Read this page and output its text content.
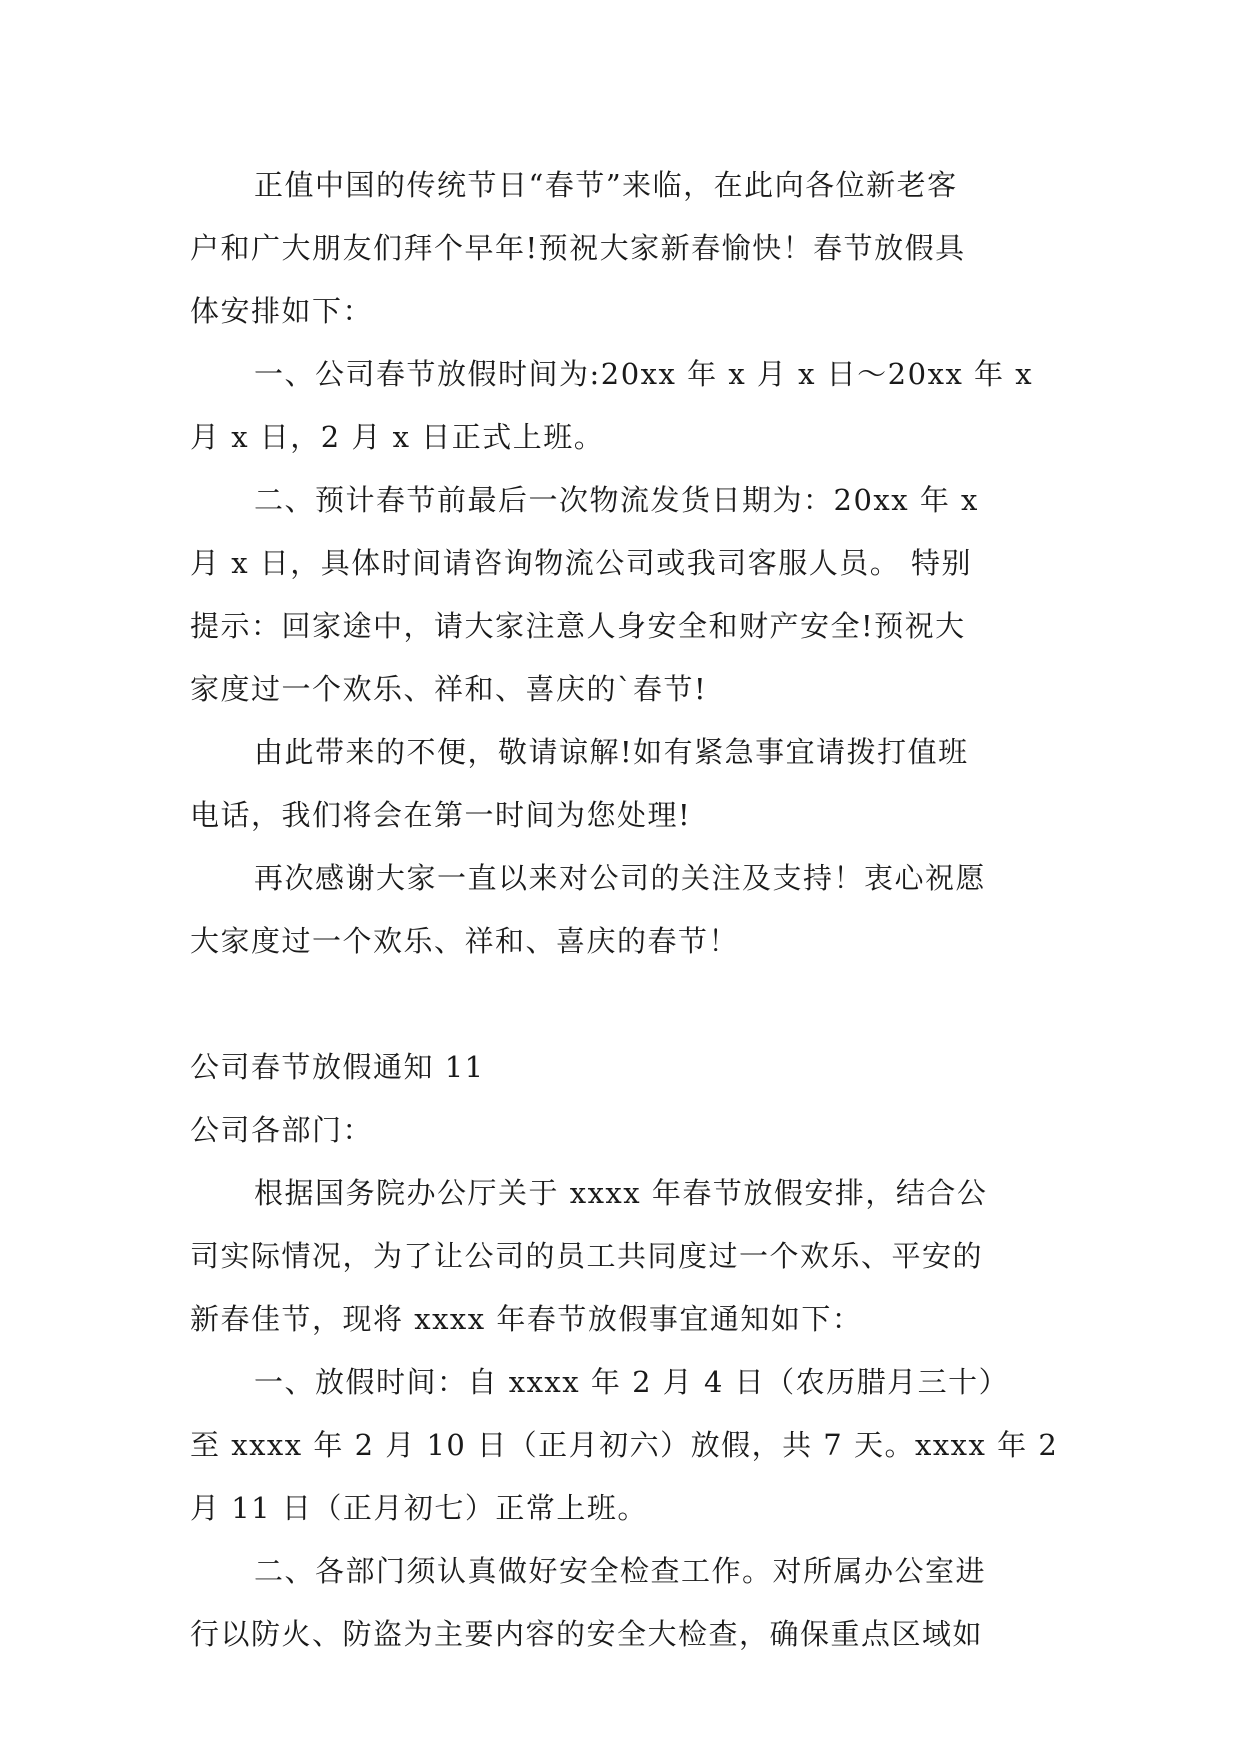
正值中国的传统节日“春节”来临，在此向各位新老客

户和广大朋友们拜个早年!预祝大家新春愉快！春节放假具

体安排如下：

一、公司春节放假时间为:20xx 年 x 月 x 日～20xx 年 x

月 x 日，2 月 x 日正式上班。

二、预计春节前最后一次物流发货日期为：20xx 年 x

月 x 日，具体时间请咨询物流公司或我司客服人员。 特别

提示：回家途中，请大家注意人身安全和财产安全!预祝大

家度过一个欢乐、祥和、喜庆的`春节!

由此带来的不便，敬请谅解!如有紧急事宜请拨打值班

电话，我们将会在第一时间为您处理!

再次感谢大家一直以来对公司的关注及支持！衷心祝愿

大家度过一个欢乐、祥和、喜庆的春节！

公司春节放假通知 11

公司各部门：

根据国务院办公厅关于 xxxx 年春节放假安排，结合公

司实际情况，为了让公司的员工共同度过一个欢乐、平安的

新春佳节，现将 xxxx 年春节放假事宜通知如下：

一、放假时间：自 xxxx 年 2 月 4 日（农历腊月三十）

至 xxxx 年 2 月 10 日（正月初六）放假，共 7 天。xxxx 年 2

月 11 日（正月初七）正常上班。

二、各部门须认真做好安全检查工作。对所属办公室进

行以防火、防盗为主要内容的安全大检查，确保重点区域如
